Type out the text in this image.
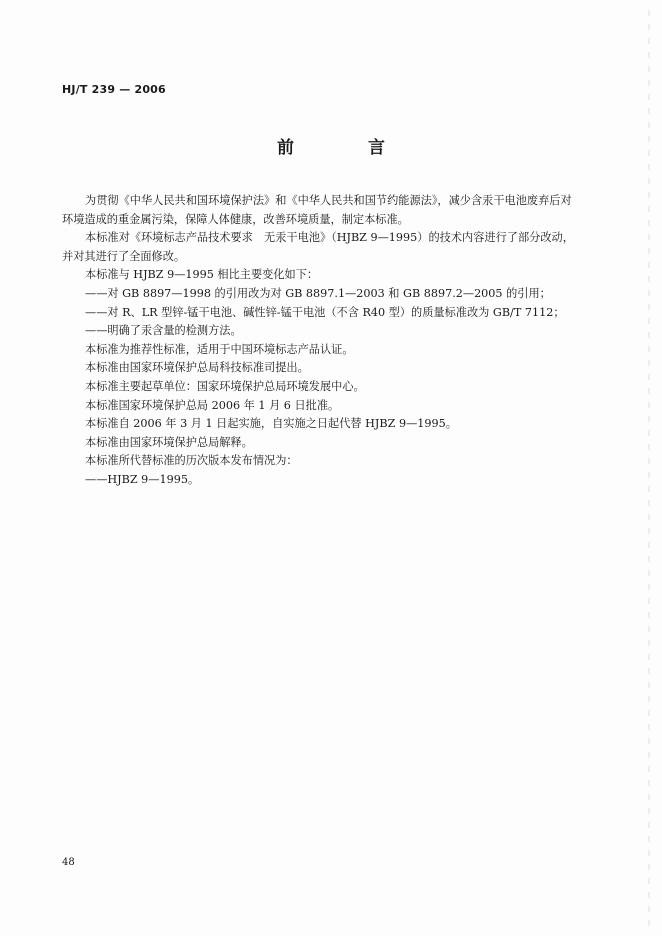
HJ/T 239 — 2006
前 言

为贯彻《中华人民共和国环境保护法》和《中华人民共和国节约能源法》，减少含汞干电池废弃后对环境造成的重金属污染，保障人体健康，改善环境质量，制定本标准。

本标准对《环境标志产品技术要求　无汞干电池》（HJBZ 9—1995）的技术内容进行了部分改动，并对其进行了全面修改。

本标准与 HJBZ 9—1995 相比主要变化如下：

——对 GB 8897—1998 的引用改为对 GB 8897.1—2003 和 GB 8897.2—2005 的引用；

——对 R、LR 型锌-锰干电池、碱性锌-锰干电池（不含 R40 型）的质量标准改为 GB/T 7112；

——明确了汞含量的检测方法。

本标准为推荐性标准，适用于中国环境标志产品认证。

本标准由国家环境保护总局科技标准司提出。

本标准主要起草单位：国家环境保护总局环境发展中心。

本标准国家环境保护总局 2006 年 1 月 6 日批准。

本标准自 2006 年 3 月 1 日起实施，自实施之日起代替 HJBZ 9—1995。

本标准由国家环境保护总局解释。

本标准所代替标准的历次版本发布情况为：

——HJBZ 9—1995。

48
